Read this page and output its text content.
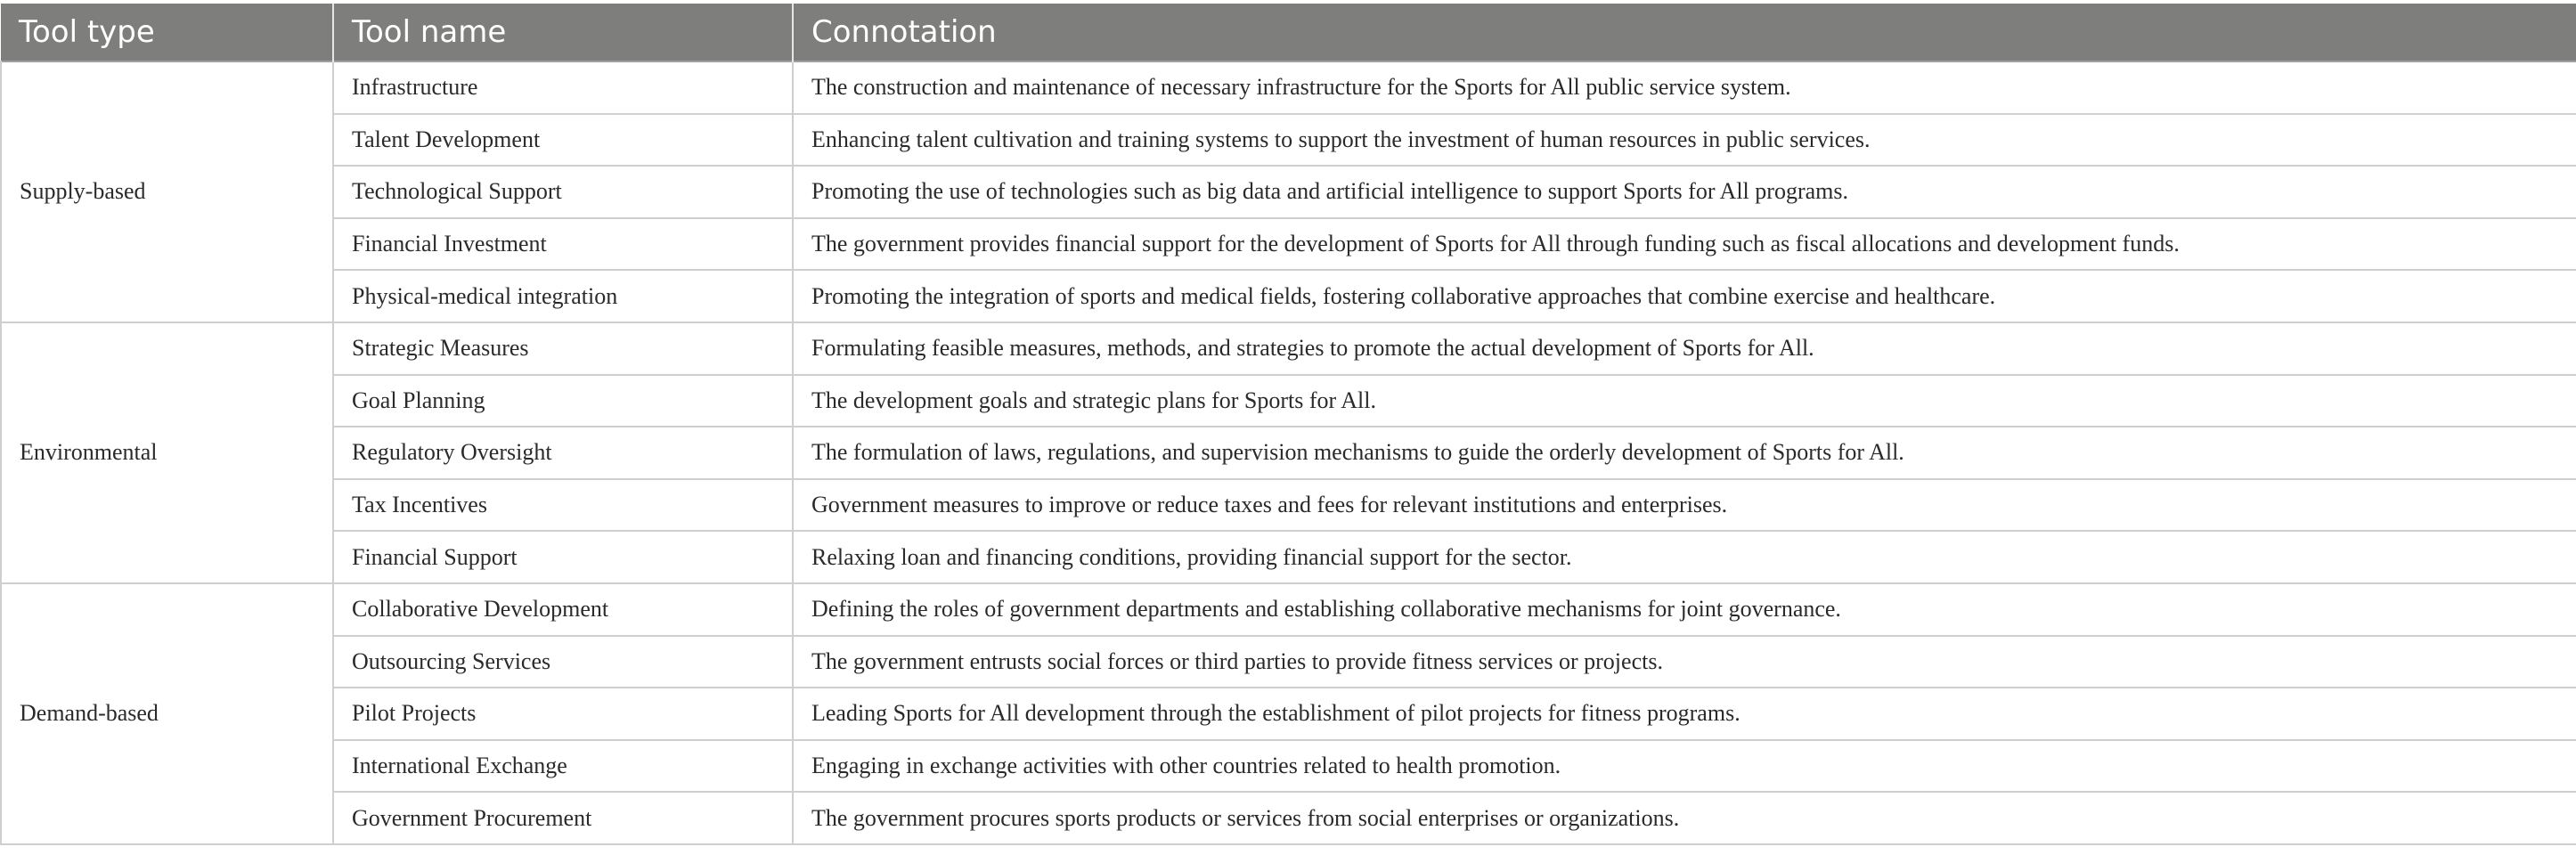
Tool type	Tool name	Connotation
Supply-based	Infrastructure	The construction and maintenance of necessary infrastructure for the Sports for All public service system.
	Talent Development	Enhancing talent cultivation and training systems to support the investment of human resources in public services.
	Technological Support	Promoting the use of technologies such as big data and artificial intelligence to support Sports for All programs.
	Financial Investment	The government provides financial support for the development of Sports for All through funding such as fiscal allocations and development funds.
	Physical-medical integration	Promoting the integration of sports and medical fields, fostering collaborative approaches that combine exercise and healthcare.
Environmental	Strategic Measures	Formulating feasible measures, methods, and strategies to promote the actual development of Sports for All.
	Goal Planning	The development goals and strategic plans for Sports for All.
	Regulatory Oversight	The formulation of laws, regulations, and supervision mechanisms to guide the orderly development of Sports for All.
	Tax Incentives	Government measures to improve or reduce taxes and fees for relevant institutions and enterprises.
	Financial Support	Relaxing loan and financing conditions, providing financial support for the sector.
Demand-based	Collaborative Development	Defining the roles of government departments and establishing collaborative mechanisms for joint governance.
	Outsourcing Services	The government entrusts social forces or third parties to provide fitness services or projects.
	Pilot Projects	Leading Sports for All development through the establishment of pilot projects for fitness programs.
	International Exchange	Engaging in exchange activities with other countries related to health promotion.
	Government Procurement	The government procures sports products or services from social enterprises or organizations.
